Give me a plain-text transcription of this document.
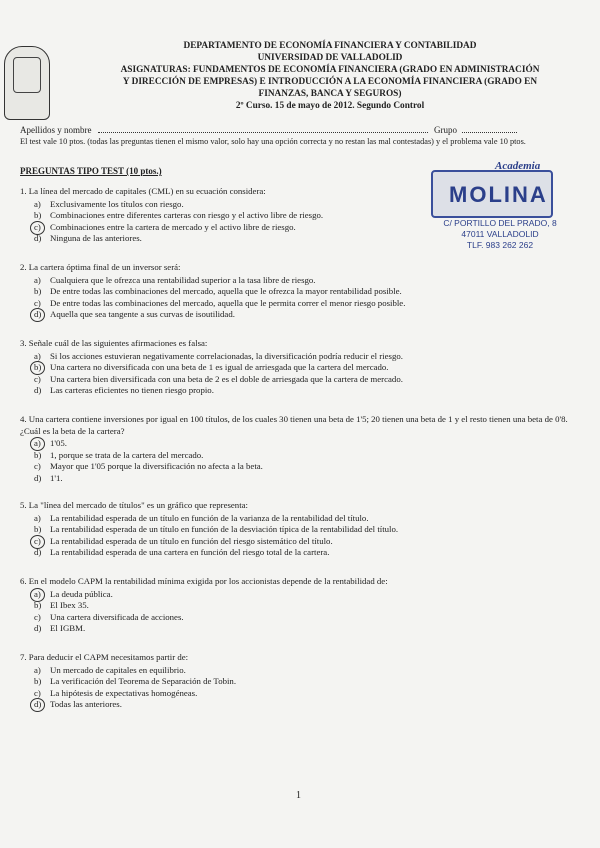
DEPARTAMENTO DE ECONOMÍA FINANCIERA Y CONTABILIDAD
UNIVERSIDAD DE VALLADOLID
ASIGNATURAS: FUNDAMENTOS DE ECONOMÍA FINANCIERA (GRADO EN ADMINISTRACIÓN
Y DIRECCIÓN DE EMPRESAS) E INTRODUCCIÓN A LA ECONOMÍA FINANCIERA (GRADO EN
FINANZAS, BANCA Y SEGUROS)
2º Curso. 15 de mayo de 2012. Segundo Control
Apellidos y nombre	Grupo
El test vale 10 ptos. (todas las preguntas tienen el mismo valor, solo hay una opción correcta y no restan las mal contestadas) y el problema vale 10 ptos.
PREGUNTAS TIPO TEST (10 ptos.)	Academia
MOLINA
C/ PORTILLO DEL PRADO, 8
47011 VALLADOLID
TLF. 983 262 262
1. La línea del mercado de capitales (CML) en su ecuación considera:
a) Exclusivamente los títulos con riesgo.
b) Combinaciones entre diferentes carteras con riesgo y el activo libre de riesgo.
c) Combinaciones entre la cartera de mercado y el activo libre de riesgo.
d) Ninguna de las anteriores.
2. La cartera óptima final de un inversor será:
a) Cualquiera que le ofrezca una rentabilidad superior a la tasa libre de riesgo.
b) De entre todas las combinaciones del mercado, aquella que le ofrezca la mayor rentabilidad posible.
c) De entre todas las combinaciones del mercado, aquella que le permita correr el menor riesgo posible.
d) Aquella que sea tangente a sus curvas de isoutilidad.
3. Señale cuál de las siguientes afirmaciones es falsa:
a) Si los acciones estuvieran negativamente correlacionadas, la diversificación podría reducir el riesgo.
b) Una cartera no diversificada con una beta de 1 es igual de arriesgada que la cartera del mercado.
c) Una cartera bien diversificada con una beta de 2 es el doble de arriesgada que la cartera de mercado.
d) Las carteras eficientes no tienen riesgo propio.
4. Una cartera contiene inversiones por igual en 100 títulos, de los cuales 30 tienen una beta de 1'5; 20 tienen una beta de 1 y el resto tienen una beta de 0'8. ¿Cuál es la beta de la cartera?
a) 1'05.
b) 1, porque se trata de la cartera del mercado.
c) Mayor que 1'05 porque la diversificación no afecta a la beta.
d) 1'1.
5. La "línea del mercado de títulos" es un gráfico que representa:
a) La rentabilidad esperada de un título en función de la varianza de la rentabilidad del título.
b) La rentabilidad esperada de un título en función de la desviación típica de la rentabilidad del título.
c) La rentabilidad esperada de un título en función del riesgo sistemático del título.
d) La rentabilidad esperada de una cartera en función del riesgo total de la cartera.
6. En el modelo CAPM la rentabilidad mínima exigida por los accionistas depende de la rentabilidad de:
a) La deuda pública.
b) El Ibex 35.
c) Una cartera diversificada de acciones.
d) El IGBM.
7. Para deducir el CAPM necesitamos partir de:
a) Un mercado de capitales en equilibrio.
b) La verificación del Teorema de Separación de Tobin.
c) La hipótesis de expectativas homogéneas.
d) Todas las anteriores.
1
